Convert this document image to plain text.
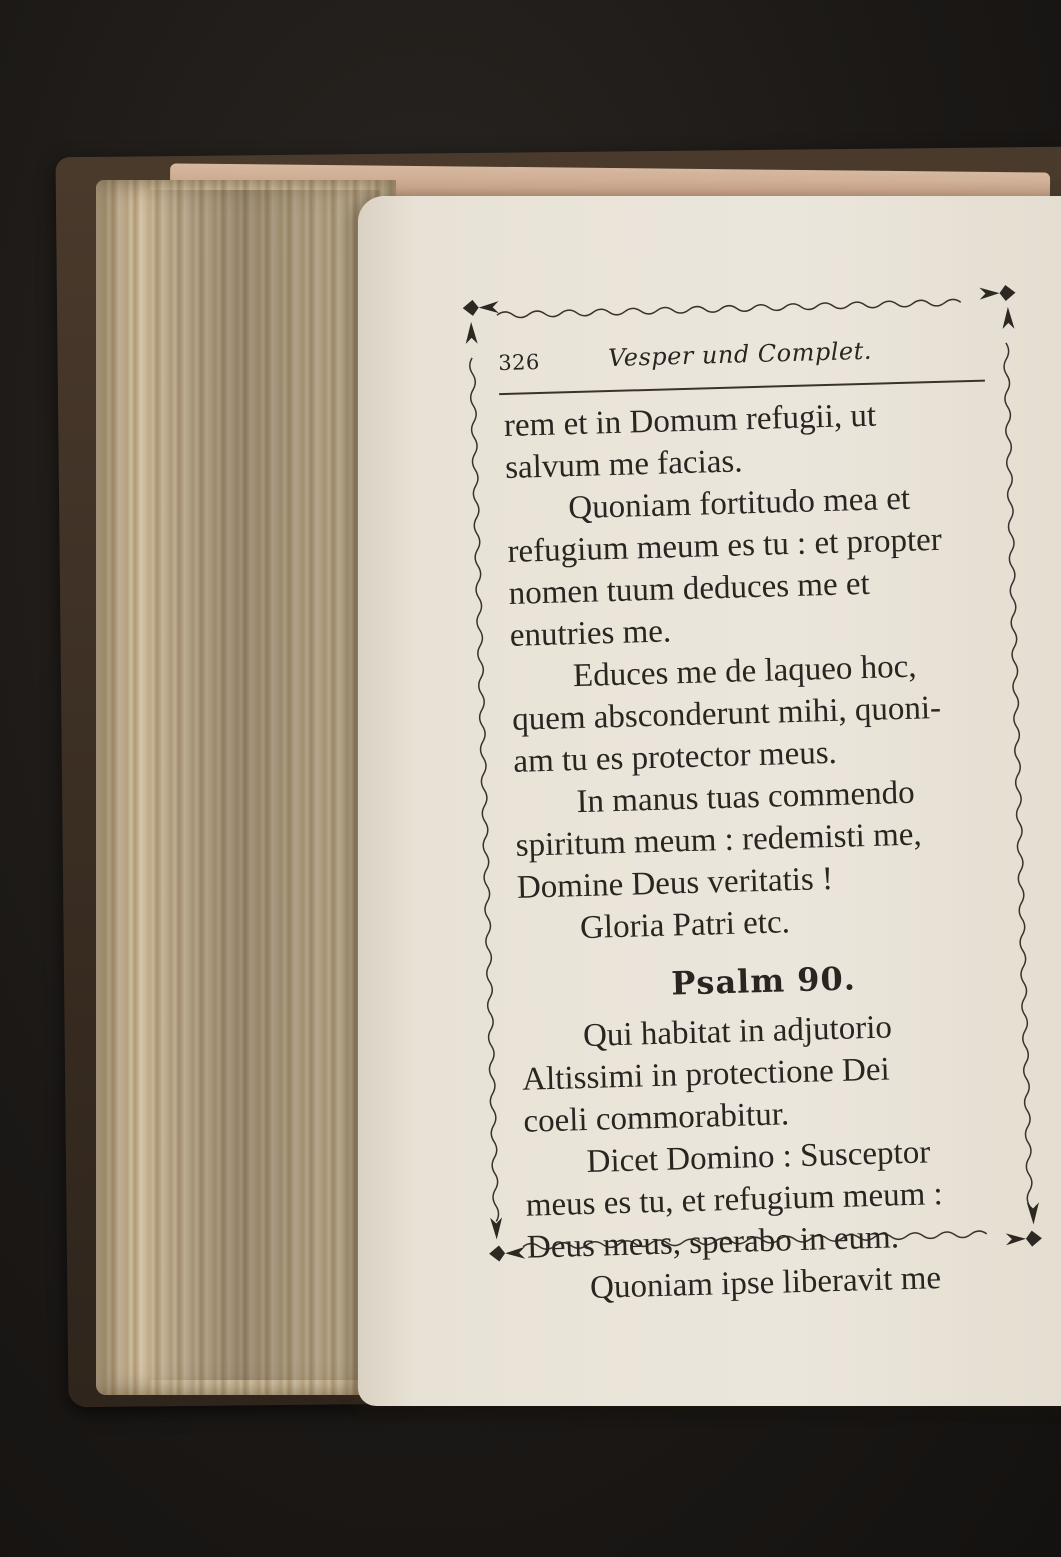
326	Vesper und Complet.
rem et in Domum refugii, ut
salvum me facias.
Quoniam fortitudo mea et
refugium meum es tu : et propter
nomen tuum deduces me et
enutries me.
Educes me de laqueo hoc,
quem absconderunt mihi, quoni-
am tu es protector meus.
In manus tuas commendo
spiritum meum : redemisti me,
Domine Deus veritatis !
Gloria Patri etc.
Psalm 90.
Qui habitat in adjutorio
Altissimi in protectione Dei
coeli commorabitur.
Dicet Domino : Susceptor
meus es tu, et refugium meum :
Deus meus, sperabo in eum.
Quoniam ipse liberavit me
